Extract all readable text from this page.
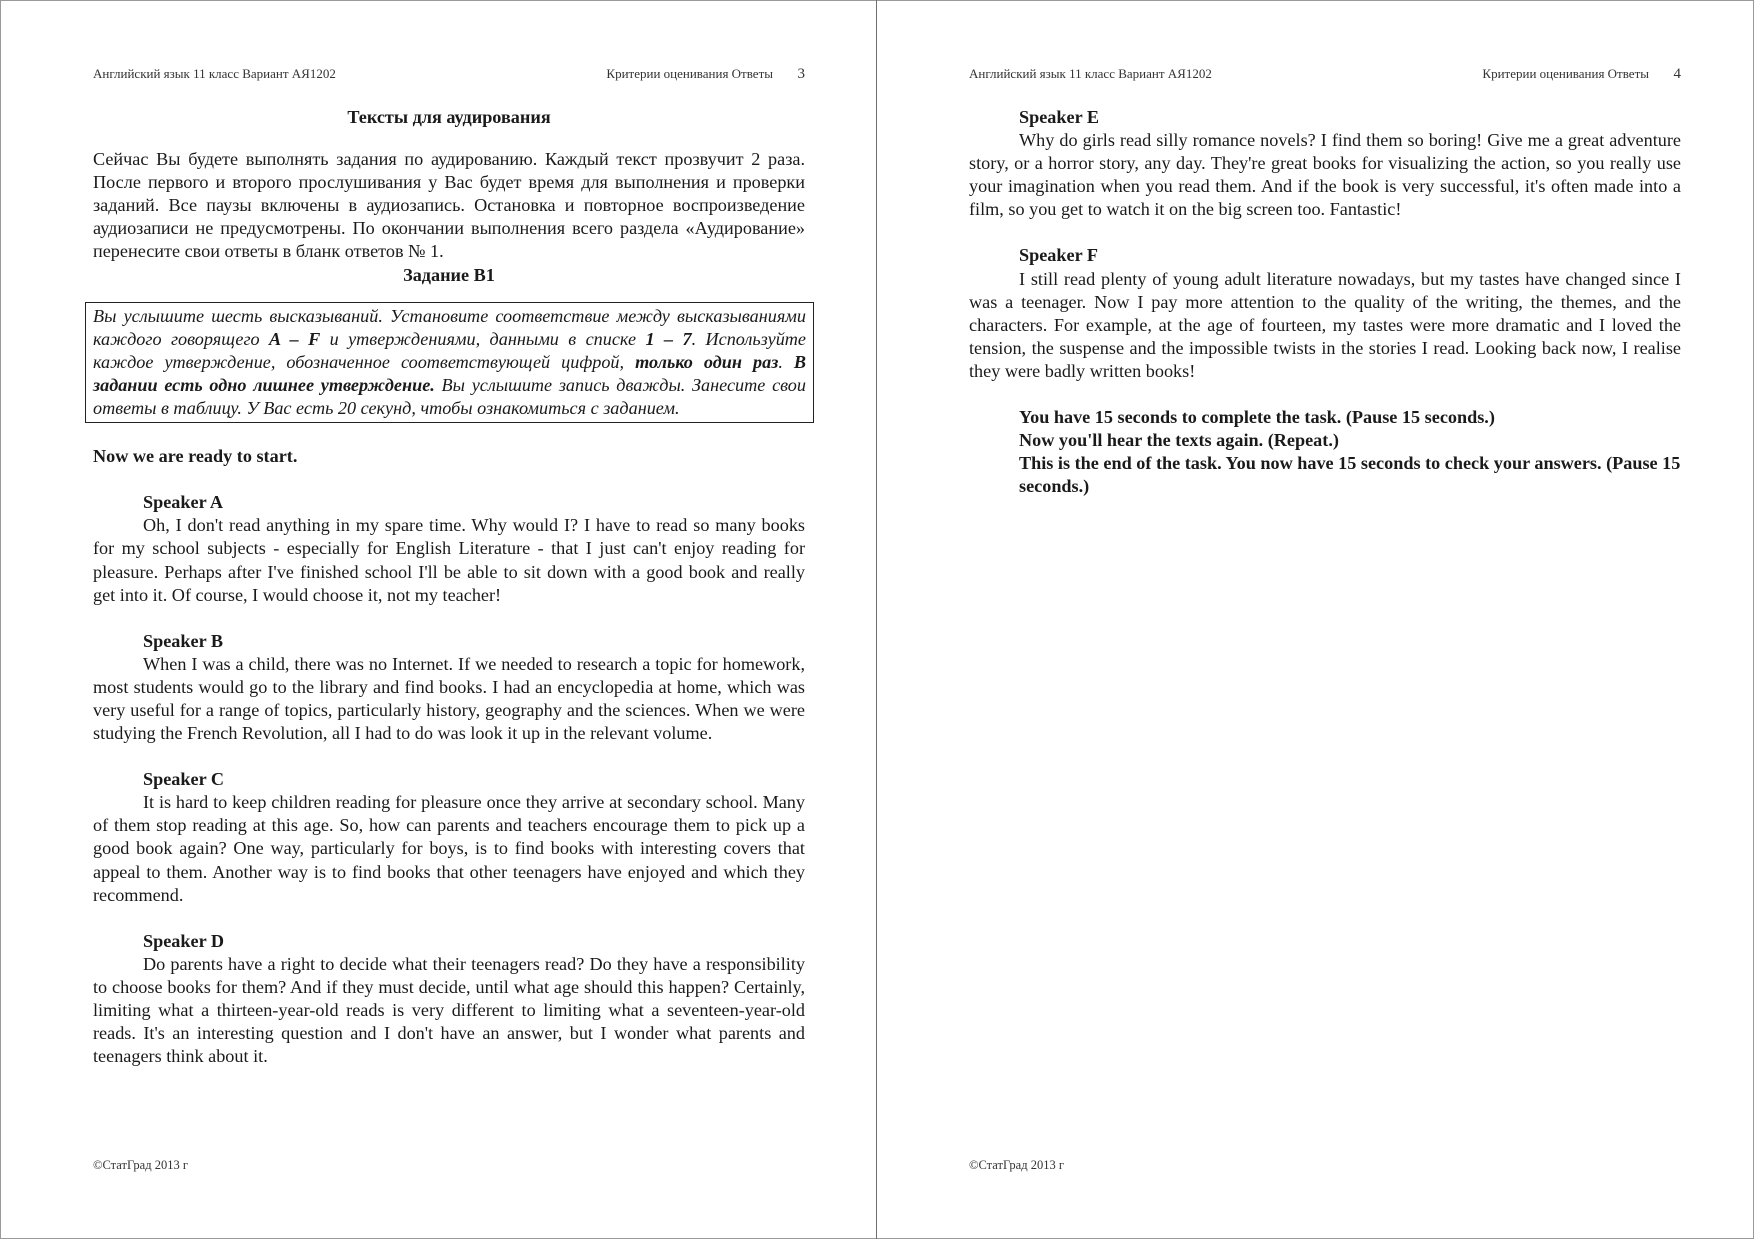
Английский язык 11 класс Вариант АЯ1202	Критерии оценивания Ответы 3

Тексты для аудирования

Сейчас Вы будете выполнять задания по аудированию. Каждый текст прозвучит 2 раза. После первого и второго прослушивания у Вас будет время для выполнения и проверки заданий. Все паузы включены в аудиозапись. Остановка и повторное воспроизведение аудиозаписи не предусмотрены. По окончании выполнения всего раздела «Аудирование» перенесите свои ответы в бланк ответов № 1.

Задание B1

Вы услышите шесть высказываний. Установите соответствие между высказываниями каждого говорящего A – F и утверждениями, данными в списке 1 – 7. Используйте каждое утверждение, обозначенное соответствующей цифрой, только один раз. В задании есть одно лишнее утверждение. Вы услышите запись дважды. Занесите свои ответы в таблицу. У Вас есть 20 секунд, чтобы ознакомиться с заданием.

Now we are ready to start.

Speaker A

Oh, I don't read anything in my spare time. Why would I? I have to read so many books for my school subjects - especially for English Literature - that I just can't enjoy reading for pleasure. Perhaps after I've finished school I'll be able to sit down with a good book and really get into it. Of course, I would choose it, not my teacher!

Speaker B

When I was a child, there was no Internet. If we needed to research a topic for homework, most students would go to the library and find books. I had an encyclopedia at home, which was very useful for a range of topics, particularly history, geography and the sciences. When we were studying the French Revolution, all I had to do was look it up in the relevant volume.

Speaker C

It is hard to keep children reading for pleasure once they arrive at secondary school. Many of them stop reading at this age. So, how can parents and teachers encourage them to pick up a good book again? One way, particularly for boys, is to find books with interesting covers that appeal to them. Another way is to find books that other teenagers have enjoyed and which they recommend.

Speaker D

Do parents have a right to decide what their teenagers read? Do they have a responsibility to choose books for them? And if they must decide, until what age should this happen? Certainly, limiting what a thirteen-year-old reads is very different to limiting what a seventeen-year-old reads. It's an interesting question and I don't have an answer, but I wonder what parents and teenagers think about it.

©СтатГрад 2013 г
Английский язык 11 класс Вариант АЯ1202	Критерии оценивания Ответы 4

Speaker E

Why do girls read silly romance novels? I find them so boring! Give me a great adventure story, or a horror story, any day. They're great books for visualizing the action, so you really use your imagination when you read them. And if the book is very successful, it's often made into a film, so you get to watch it on the big screen too. Fantastic!

Speaker F

I still read plenty of young adult literature nowadays, but my tastes have changed since I was a teenager. Now I pay more attention to the quality of the writing, the themes, and the characters. For example, at the age of fourteen, my tastes were more dramatic and I loved the tension, the suspense and the impossible twists in the stories I read. Looking back now, I realise they were badly written books!

You have 15 seconds to complete the task. (Pause 15 seconds.)

Now you'll hear the texts again. (Repeat.)

This is the end of the task. You now have 15 seconds to check your answers. (Pause 15 seconds.)

©СтатГрад 2013 г
